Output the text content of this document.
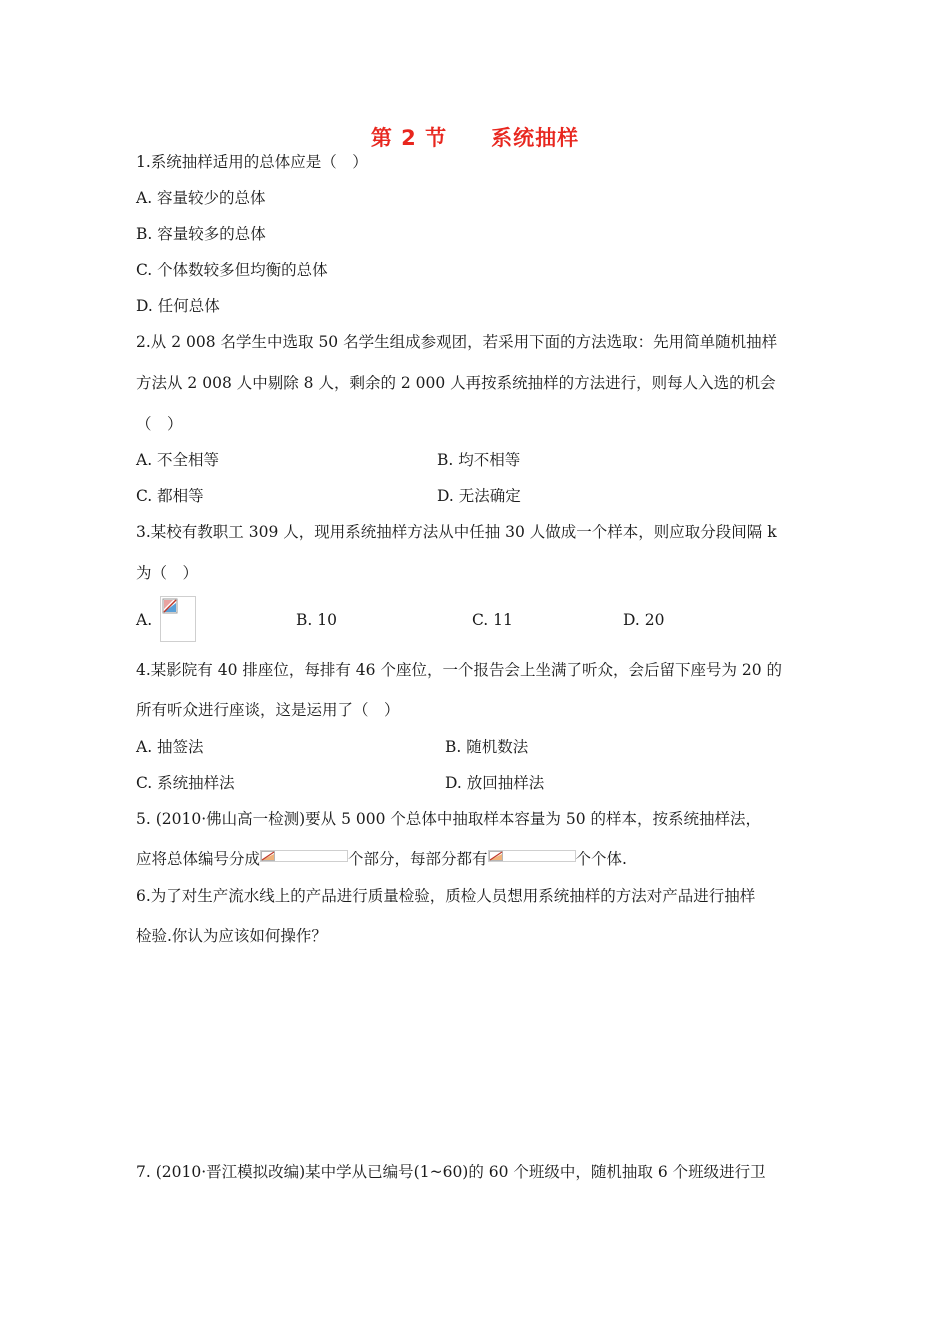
第 2 节 系统抽样
1.系统抽样适用的总体应是（　）
A. 容量较少的总体
B. 容量较多的总体
C. 个体数较多但均衡的总体
D. 任何总体
2.从 2 008 名学生中选取 50 名学生组成参观团，若采用下面的方法选取：先用简单随机抽样
方法从 2 008 人中剔除 8 人，剩余的 2 000 人再按系统抽样的方法进行，则每人入选的机会
（　）
A. 不全相等	B. 均不相等
C. 都相等	D. 无法确定
3.某校有教职工 309 人，现用系统抽样方法从中任抽 30 人做成一个样本，则应取分段间隔 k
为（　）
A.	B. 10	C. 11	D. 20
4.某影院有 40 排座位，每排有 46 个座位，一个报告会上坐满了听众，会后留下座号为 20 的
所有听众进行座谈，这是运用了（　）
A. 抽签法	B. 随机数法
C. 系统抽样法	D. 放回抽样法
5. (2010·佛山高一检测)要从 5 000 个总体中抽取样本容量为 50 的样本，按系统抽样法，
应将总体编号分成	个部分，每部分都有	个个体.
6.为了对生产流水线上的产品进行质量检验，质检人员想用系统抽样的方法对产品进行抽样
检验.你认为应该如何操作？
7. (2010·晋江模拟改编)某中学从已编号(1~60)的 60 个班级中，随机抽取 6 个班级进行卫
